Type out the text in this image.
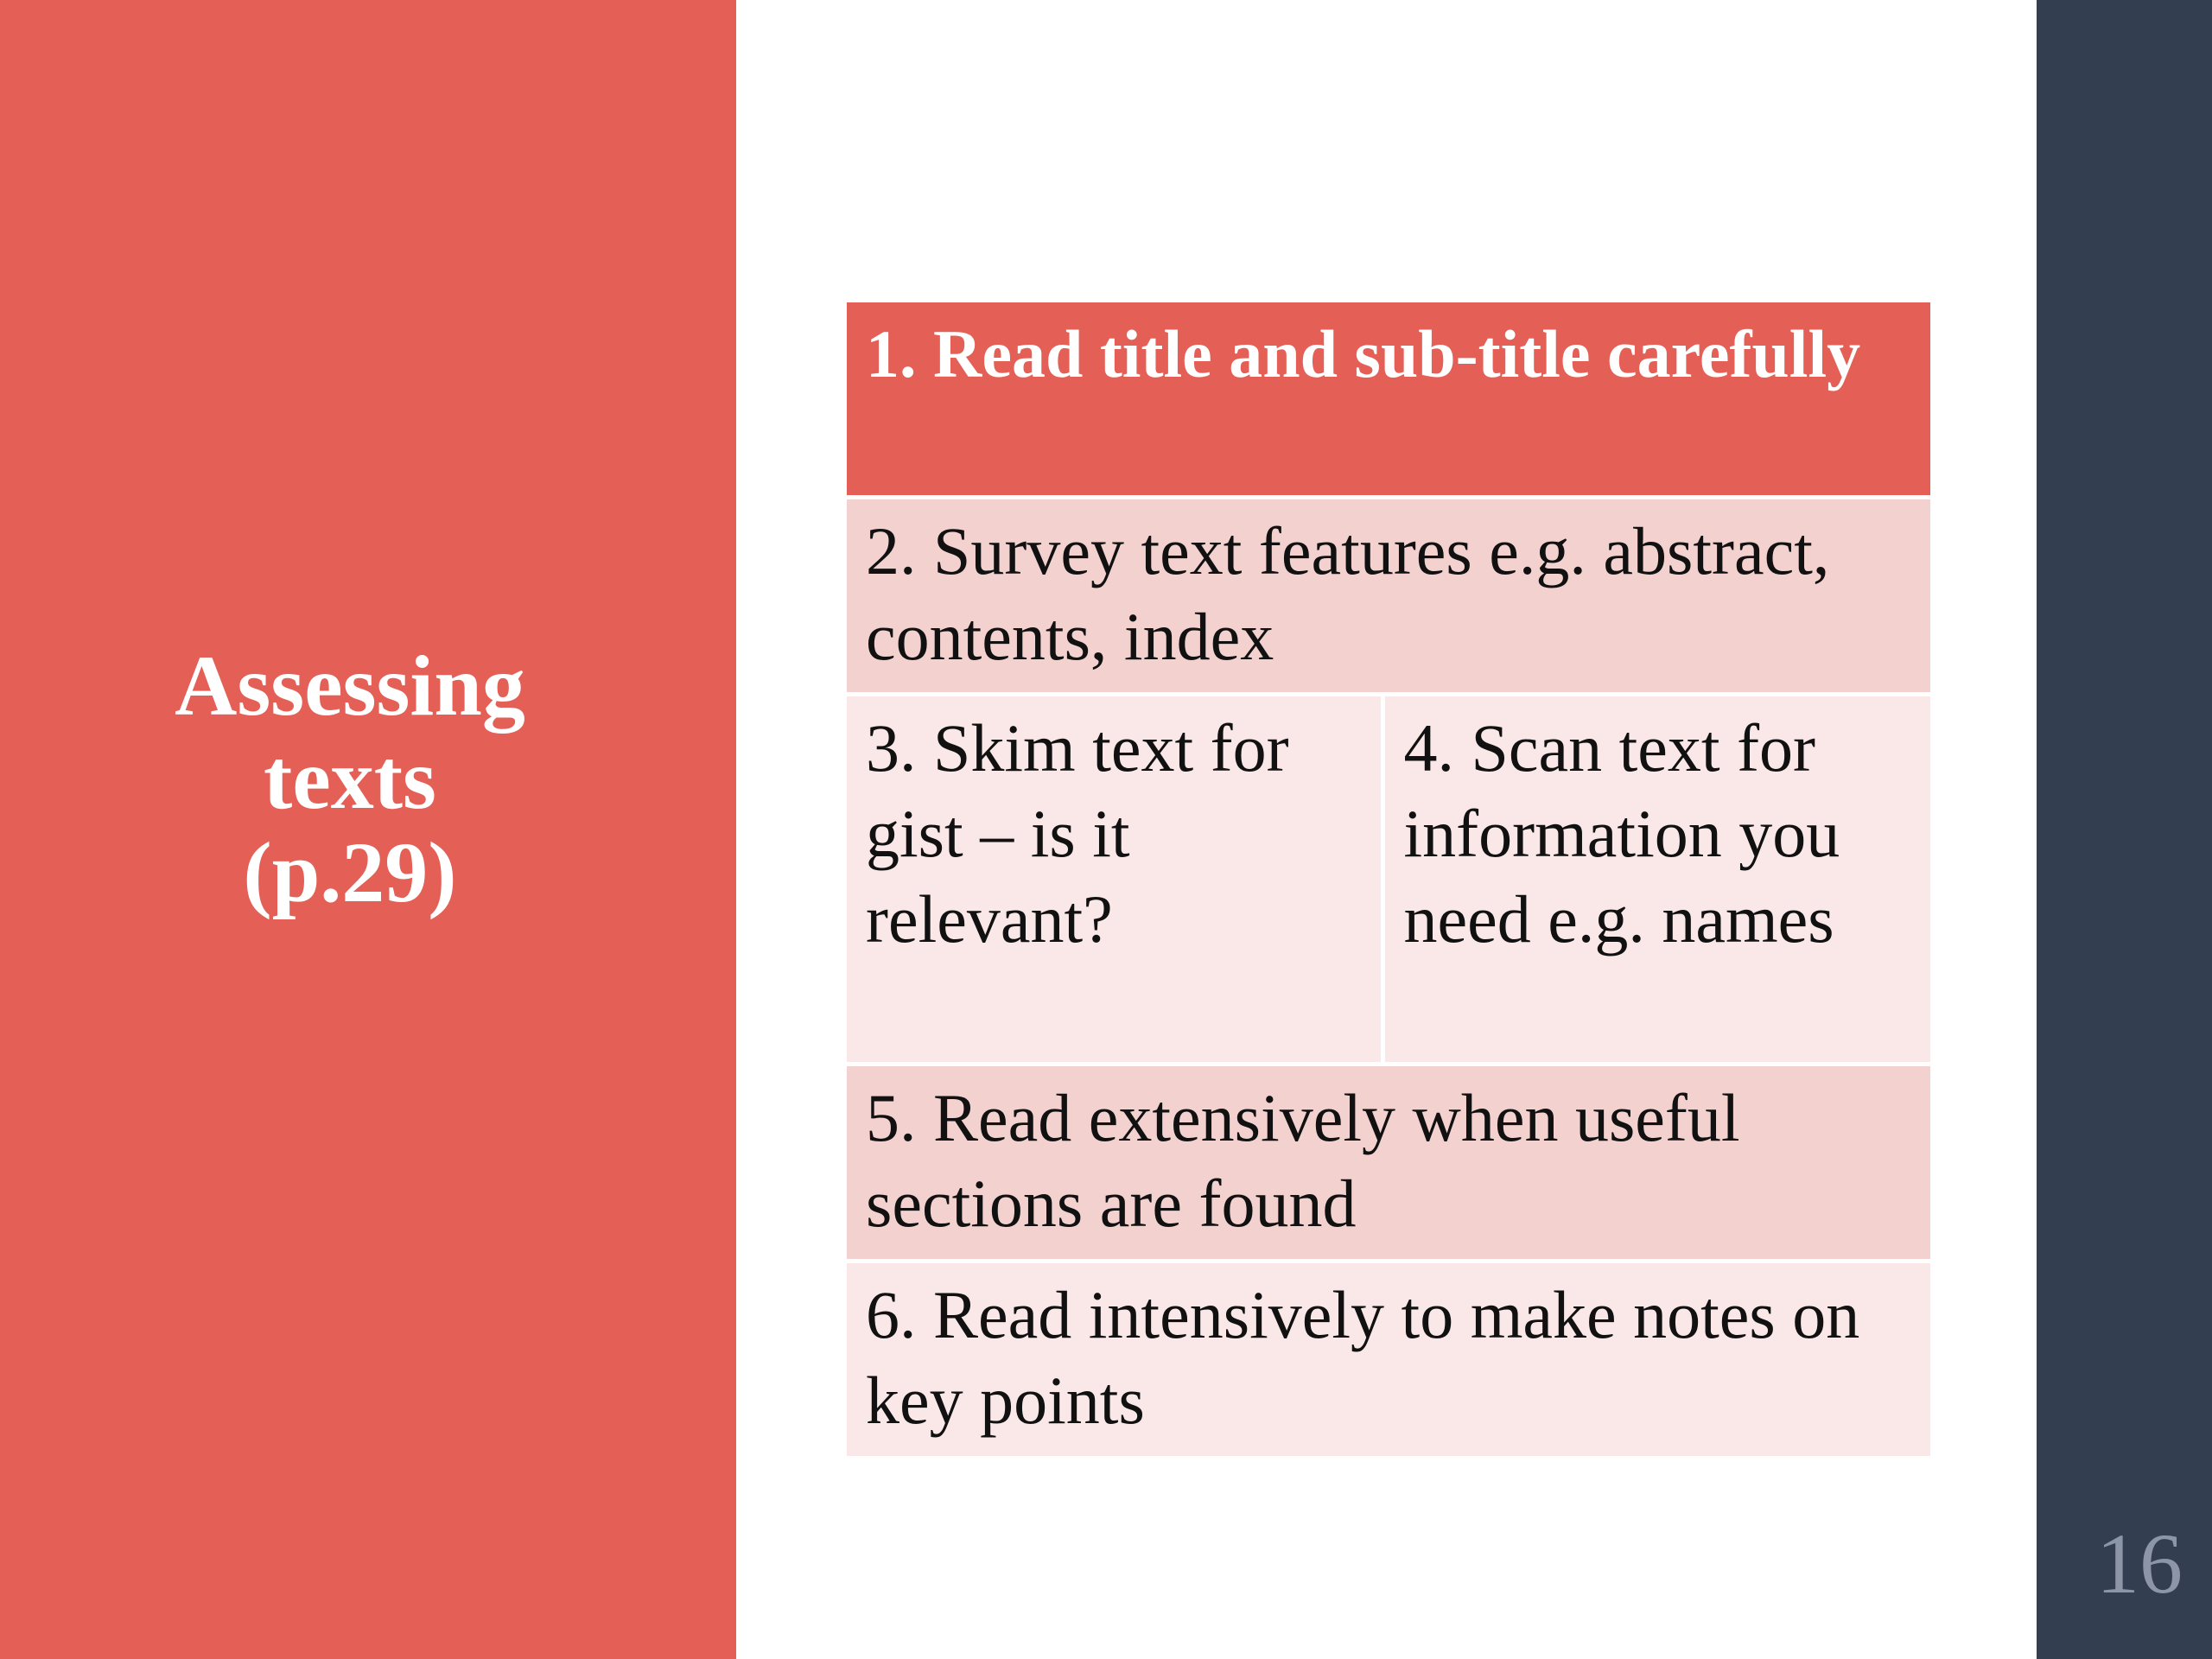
Assessing
texts
(p.29)
1. Read title and sub-title carefully
2. Survey text features e.g. abstract, contents, index
3. Skim text for gist – is it relevant?	4. Scan text for information you need e.g. names
5. Read extensively when useful sections are found
6. Read intensively to make notes on key points
16
